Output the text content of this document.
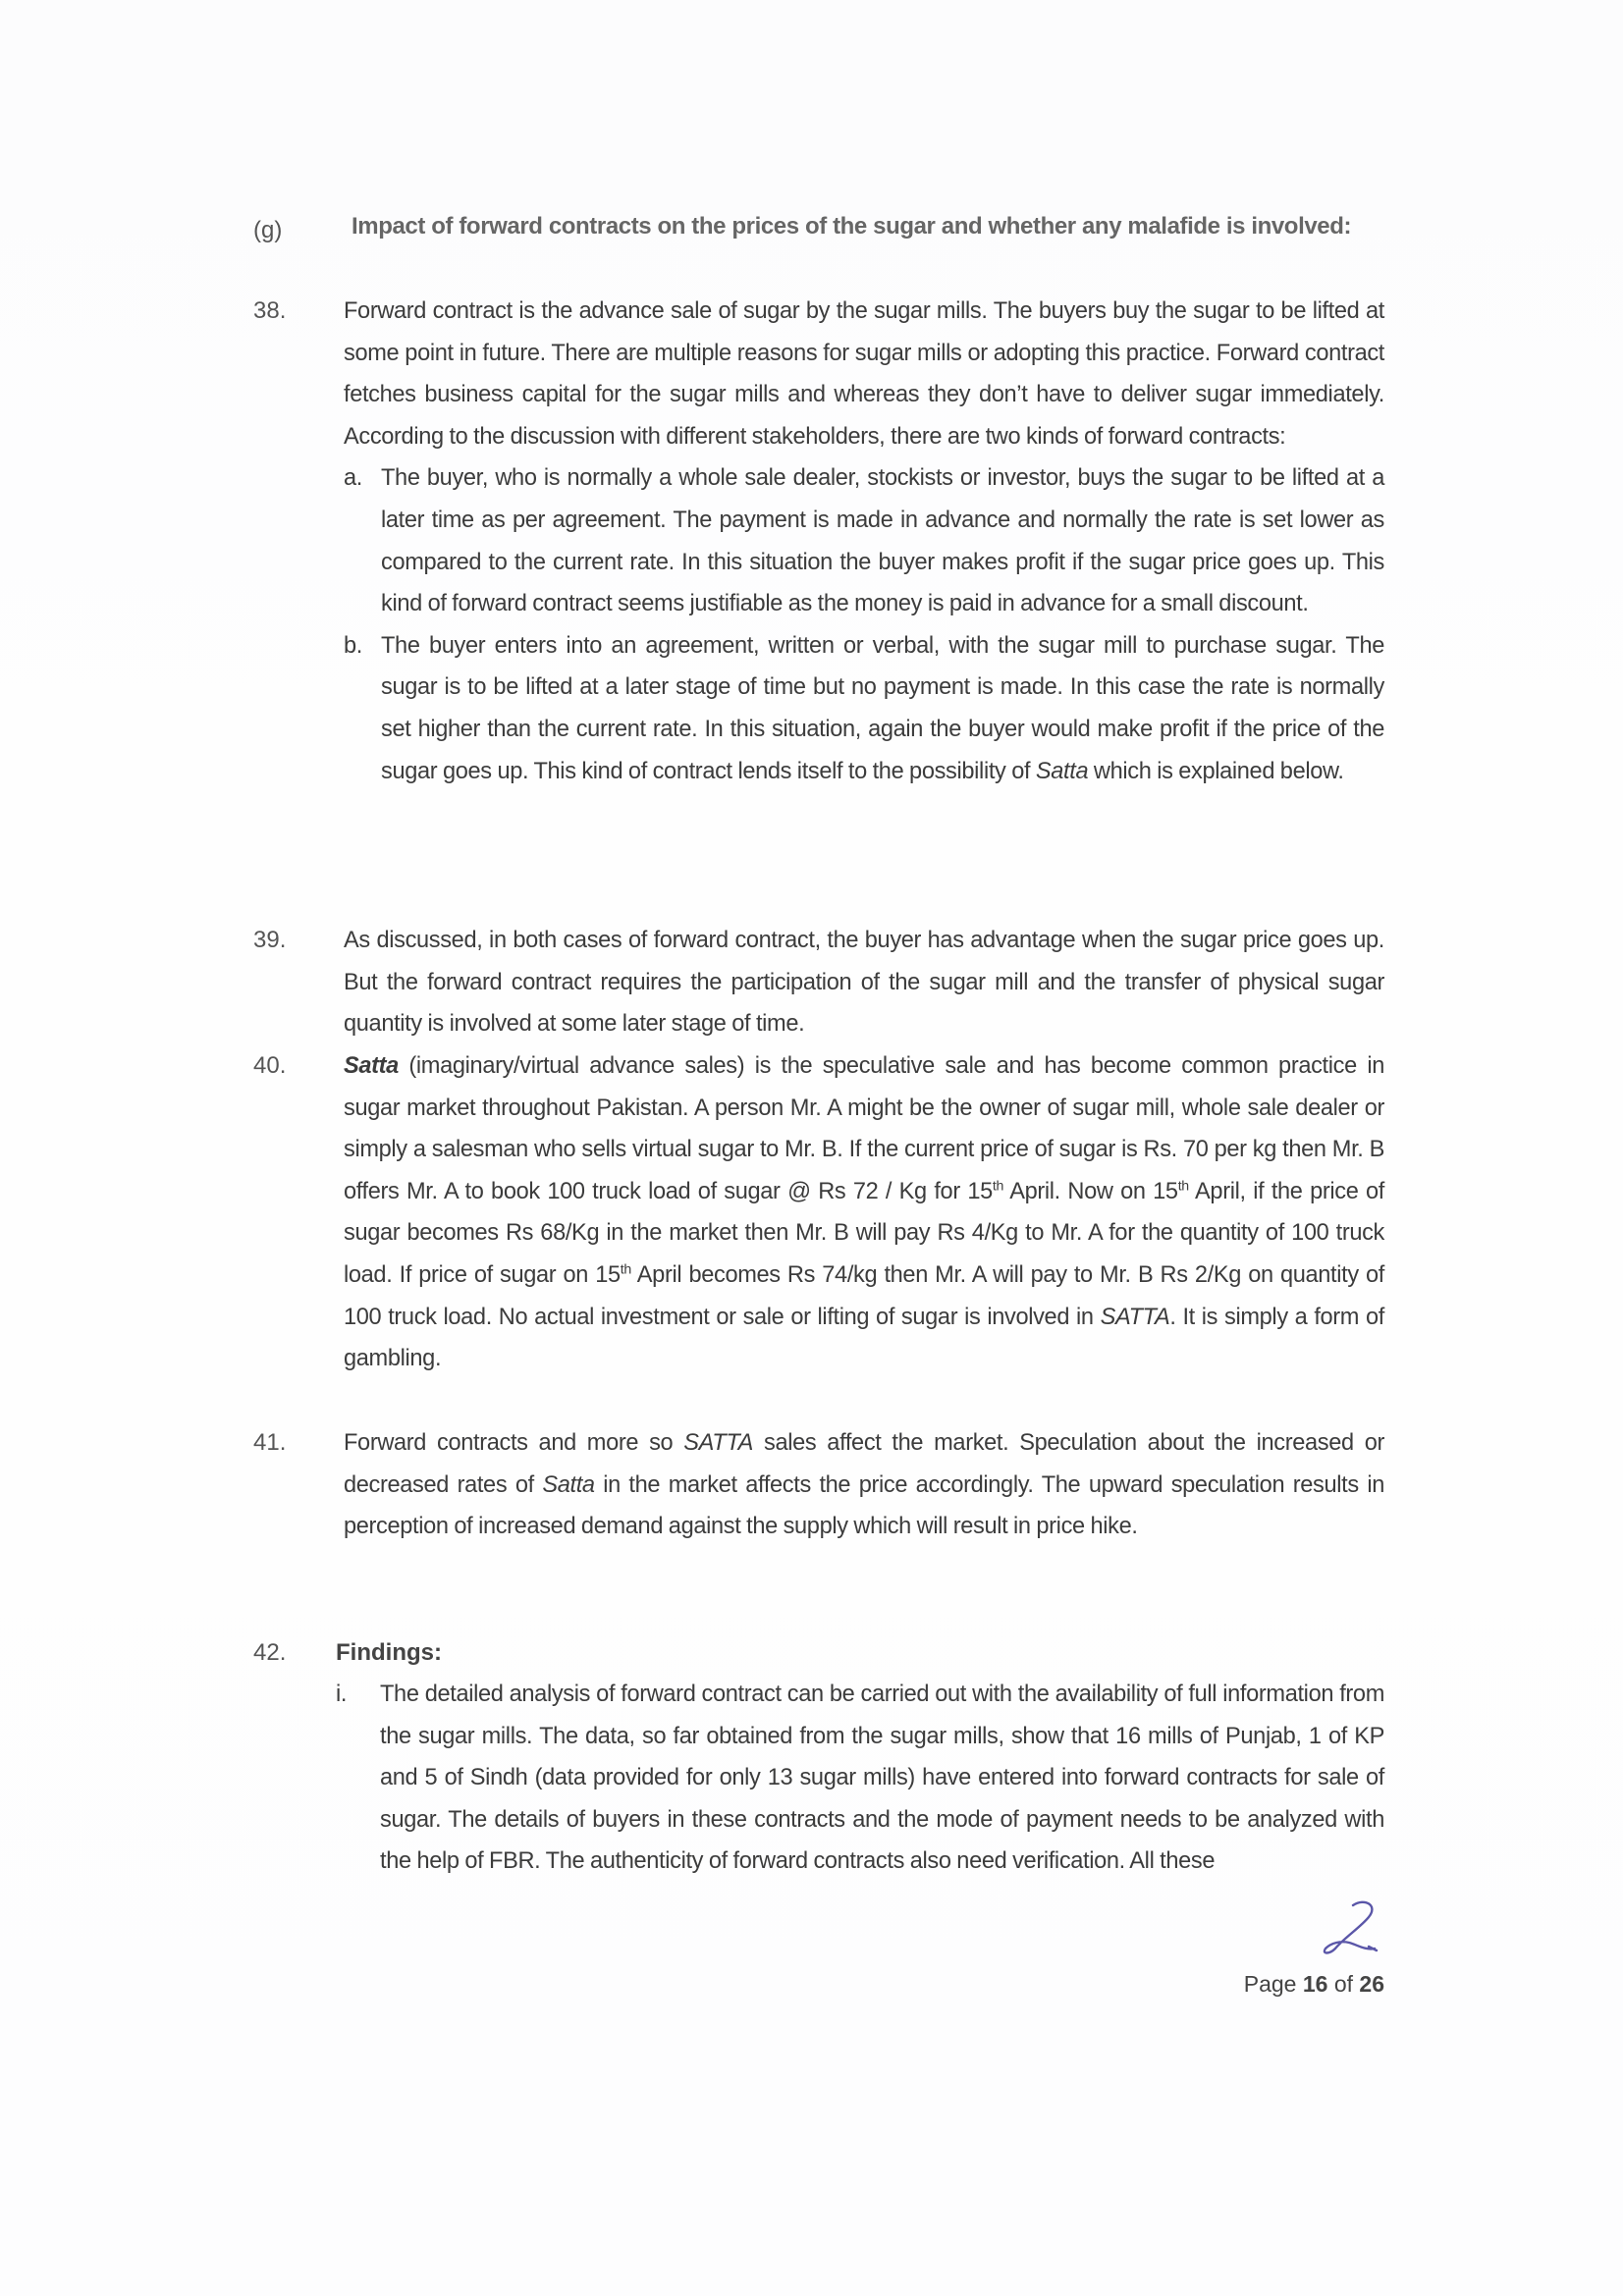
(g)	Impact of forward contracts on the prices of the sugar and whether any malafide is involved:
38. Forward contract is the advance sale of sugar by the sugar mills. The buyers buy the sugar to be lifted at some point in future. There are multiple reasons for sugar mills or adopting this practice. Forward contract fetches business capital for the sugar mills and whereas they don’t have to deliver sugar immediately. According to the discussion with different stakeholders, there are two kinds of forward contracts:
a. The buyer, who is normally a whole sale dealer, stockists or investor, buys the sugar to be lifted at a later time as per agreement. The payment is made in advance and normally the rate is set lower as compared to the current rate. In this situation the buyer makes profit if the sugar price goes up. This kind of forward contract seems justifiable as the money is paid in advance for a small discount.
b. The buyer enters into an agreement, written or verbal, with the sugar mill to purchase sugar. The sugar is to be lifted at a later stage of time but no payment is made. In this case the rate is normally set higher than the current rate. In this situation, again the buyer would make profit if the price of the sugar goes up. This kind of contract lends itself to the possibility of Satta which is explained below.
39. As discussed, in both cases of forward contract, the buyer has advantage when the sugar price goes up. But the forward contract requires the participation of the sugar mill and the transfer of physical sugar quantity is involved at some later stage of time.
40. Satta (imaginary/virtual advance sales) is the speculative sale and has become common practice in sugar market throughout Pakistan. A person Mr. A might be the owner of sugar mill, whole sale dealer or simply a salesman who sells virtual sugar to Mr. B. If the current price of sugar is Rs. 70 per kg then Mr. B offers Mr. A to book 100 truck load of sugar @ Rs 72 / Kg for 15th April. Now on 15th April, if the price of sugar becomes Rs 68/Kg in the market then Mr. B will pay Rs 4/Kg to Mr. A for the quantity of 100 truck load. If price of sugar on 15th April becomes Rs 74/kg then Mr. A will pay to Mr. B Rs 2/Kg on quantity of 100 truck load. No actual investment or sale or lifting of sugar is involved in SATTA. It is simply a form of gambling.
41. Forward contracts and more so SATTA sales affect the market. Speculation about the increased or decreased rates of Satta in the market affects the price accordingly. The upward speculation results in perception of increased demand against the supply which will result in price hike.
42. Findings:
i. The detailed analysis of forward contract can be carried out with the availability of full information from the sugar mills. The data, so far obtained from the sugar mills, show that 16 mills of Punjab, 1 of KP and 5 of Sindh (data provided for only 13 sugar mills) have entered into forward contracts for sale of sugar. The details of buyers in these contracts and the mode of payment needs to be analyzed with the help of FBR. The authenticity of forward contracts also need verification. All these
Page 16 of 26
